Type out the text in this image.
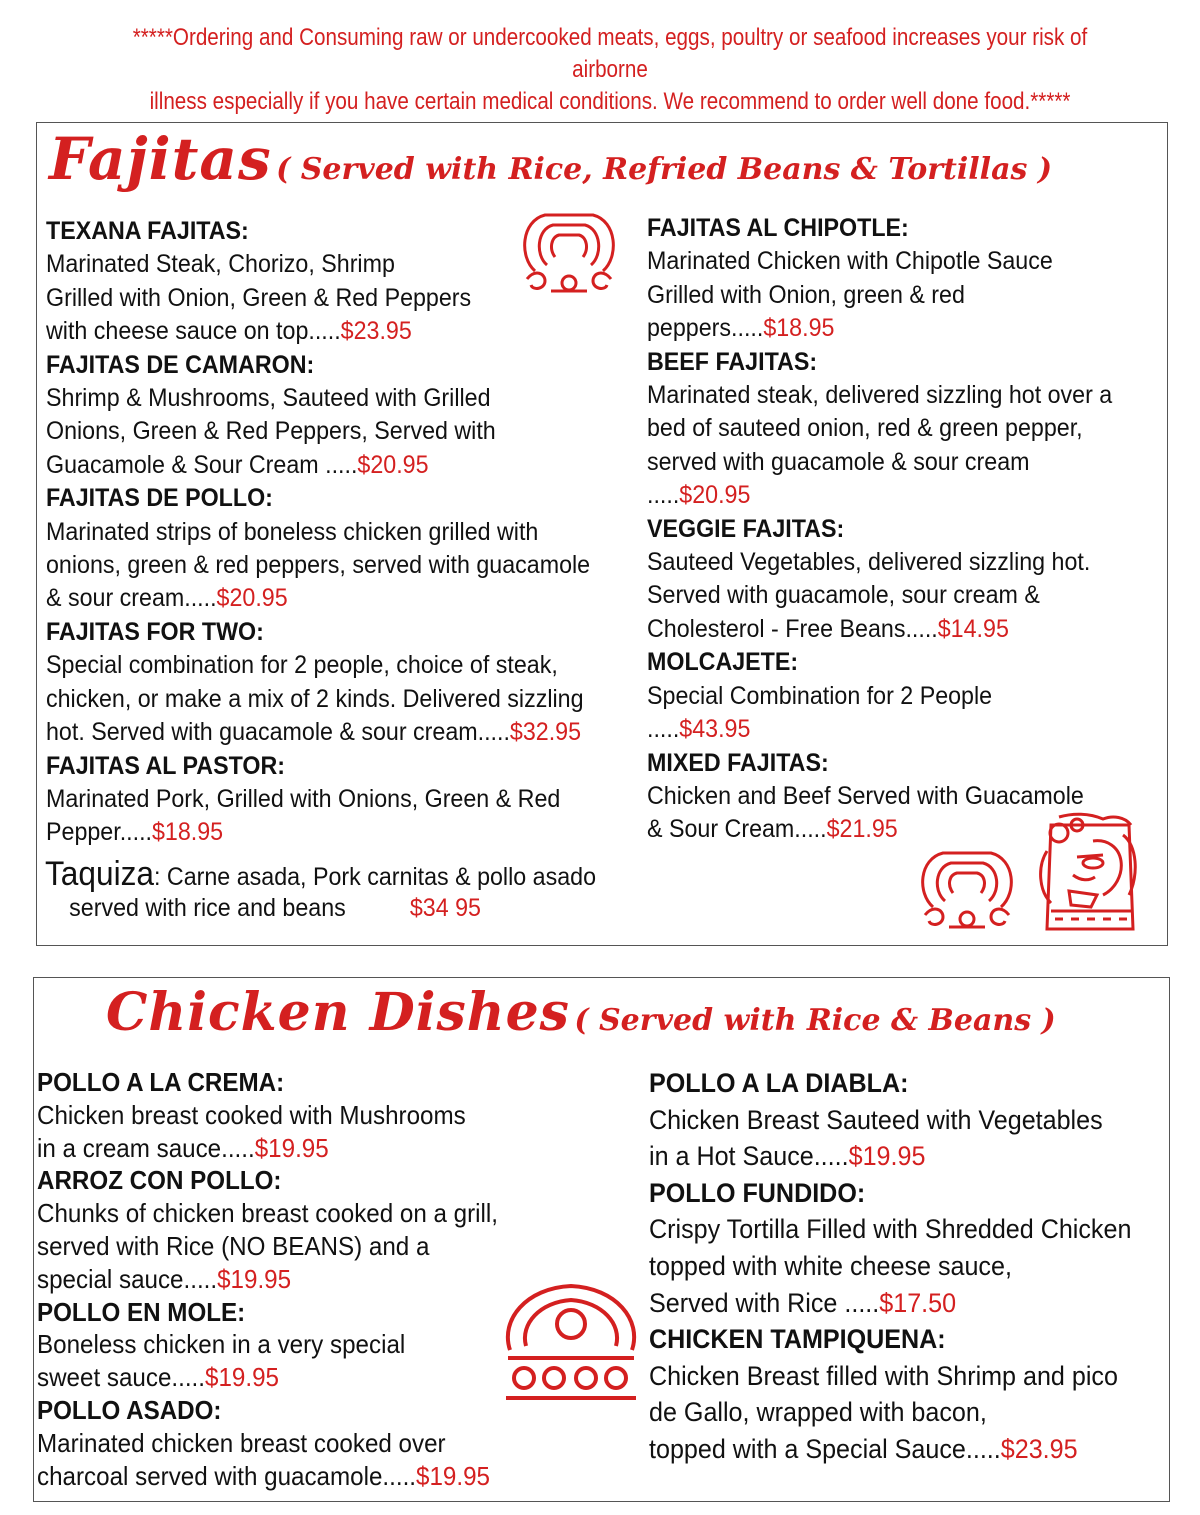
*****Ordering and Consuming raw or undercooked meats, eggs, poultry or seafood increases your risk of airborne
illness especially if you have certain medical conditions. We recommend to order well done food.*****
Fajitas ( Served with Rice, Refried Beans & Tortillas )
TEXANA FAJITAS:
Marinated Steak, Chorizo, Shrimp
Grilled with Onion, Green & Red Peppers
with cheese sauce on top.....$23.95
FAJITAS DE CAMARON:
Shrimp & Mushrooms, Sauteed with Grilled
Onions, Green & Red Peppers, Served with
Guacamole & Sour Cream .....$20.95
FAJITAS DE POLLO:
Marinated strips of boneless chicken grilled with
onions, green & red peppers, served with guacamole
& sour cream.....$20.95
FAJITAS FOR TWO:
Special combination for 2 people, choice of steak,
chicken, or make a mix of 2 kinds. Delivered sizzling
hot. Served with guacamole & sour cream.....$32.95
FAJITAS AL PASTOR:
Marinated Pork, Grilled with Onions, Green & Red
Pepper.....$18.95
FAJITAS AL CHIPOTLE:
Marinated Chicken with Chipotle Sauce
Grilled with Onion, green & red
peppers.....$18.95
BEEF FAJITAS:
Marinated steak, delivered sizzling hot over a
bed of sauteed onion, red & green pepper,
served with guacamole & sour cream
.....$20.95
VEGGIE FAJITAS:
Sauteed Vegetables, delivered sizzling hot.
Served with guacamole, sour cream &
Cholesterol - Free Beans.....$14.95
MOLCAJETE:
Special Combination for 2 People
.....$43.95
MIXED FAJITAS:
Chicken and Beef Served with Guacamole
& Sour Cream.....$21.95
Taquiza: Carne asada, Pork carnitas & pollo asado
served with rice and beans	$34 95
Chicken Dishes ( Served with Rice & Beans )
POLLO A LA CREMA:
Chicken breast cooked with Mushrooms
in a cream sauce.....$19.95
ARROZ CON POLLO:
Chunks of chicken breast cooked on a grill,
served with Rice (NO BEANS) and a
special sauce.....$19.95
POLLO EN MOLE:
Boneless chicken in a very special
sweet sauce.....$19.95
POLLO ASADO:
Marinated chicken breast cooked over
charcoal served with guacamole.....$19.95
POLLO A LA DIABLA:
Chicken Breast Sauteed with Vegetables
in a Hot Sauce.....$19.95
POLLO FUNDIDO:
Crispy Tortilla Filled with Shredded Chicken
topped with white cheese sauce,
Served with Rice .....$17.50
CHICKEN TAMPIQUENA:
Chicken Breast filled with Shrimp and pico
de Gallo, wrapped with bacon,
topped with a Special Sauce.....$23.95
